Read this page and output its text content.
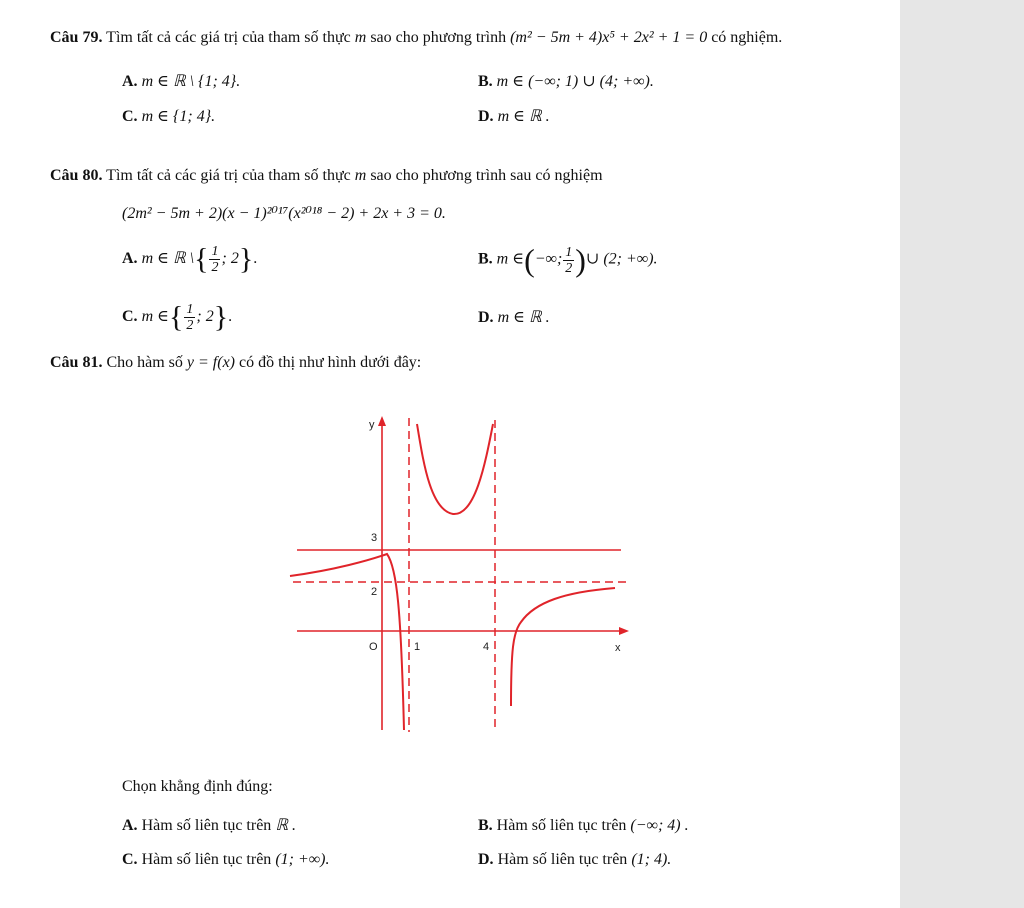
Câu 79. Tìm tất cả các giá trị của tham số thực m sao cho phương trình (m² − 5m + 4)x⁵ + 2x² + 1 = 0 có nghiệm.
A. m ∈ ℝ \ {1; 4}.	B. m ∈ (−∞; 1) ∪ (4; +∞).
C. m ∈ {1; 4}.	D. m ∈ ℝ .
Câu 80. Tìm tất cả các giá trị của tham số thực m sao cho phương trình sau có nghiệm
(2m² − 5m + 2)(x − 1)²⁰¹⁷(x²⁰¹⁸ − 2) + 2x + 3 = 0.
A. m ∈ ℝ \{ $\frac{1}{2}$ ; 2}.	B. m ∈(−∞; $\frac{1}{2}$ )∪ (2; +∞).
C. m ∈{ $\frac{1}{2}$ ; 2}.	D. m ∈ ℝ .
Câu 81. Cho hàm số y = f(x) có đồ thị như hình dưới đây:
y
x
O	1	4
2
3
Chọn khẳng định đúng:
A. Hàm số liên tục trên ℝ .	B. Hàm số liên tục trên (−∞; 4) .
C. Hàm số liên tục trên (1; +∞).	D. Hàm số liên tục trên (1; 4).
